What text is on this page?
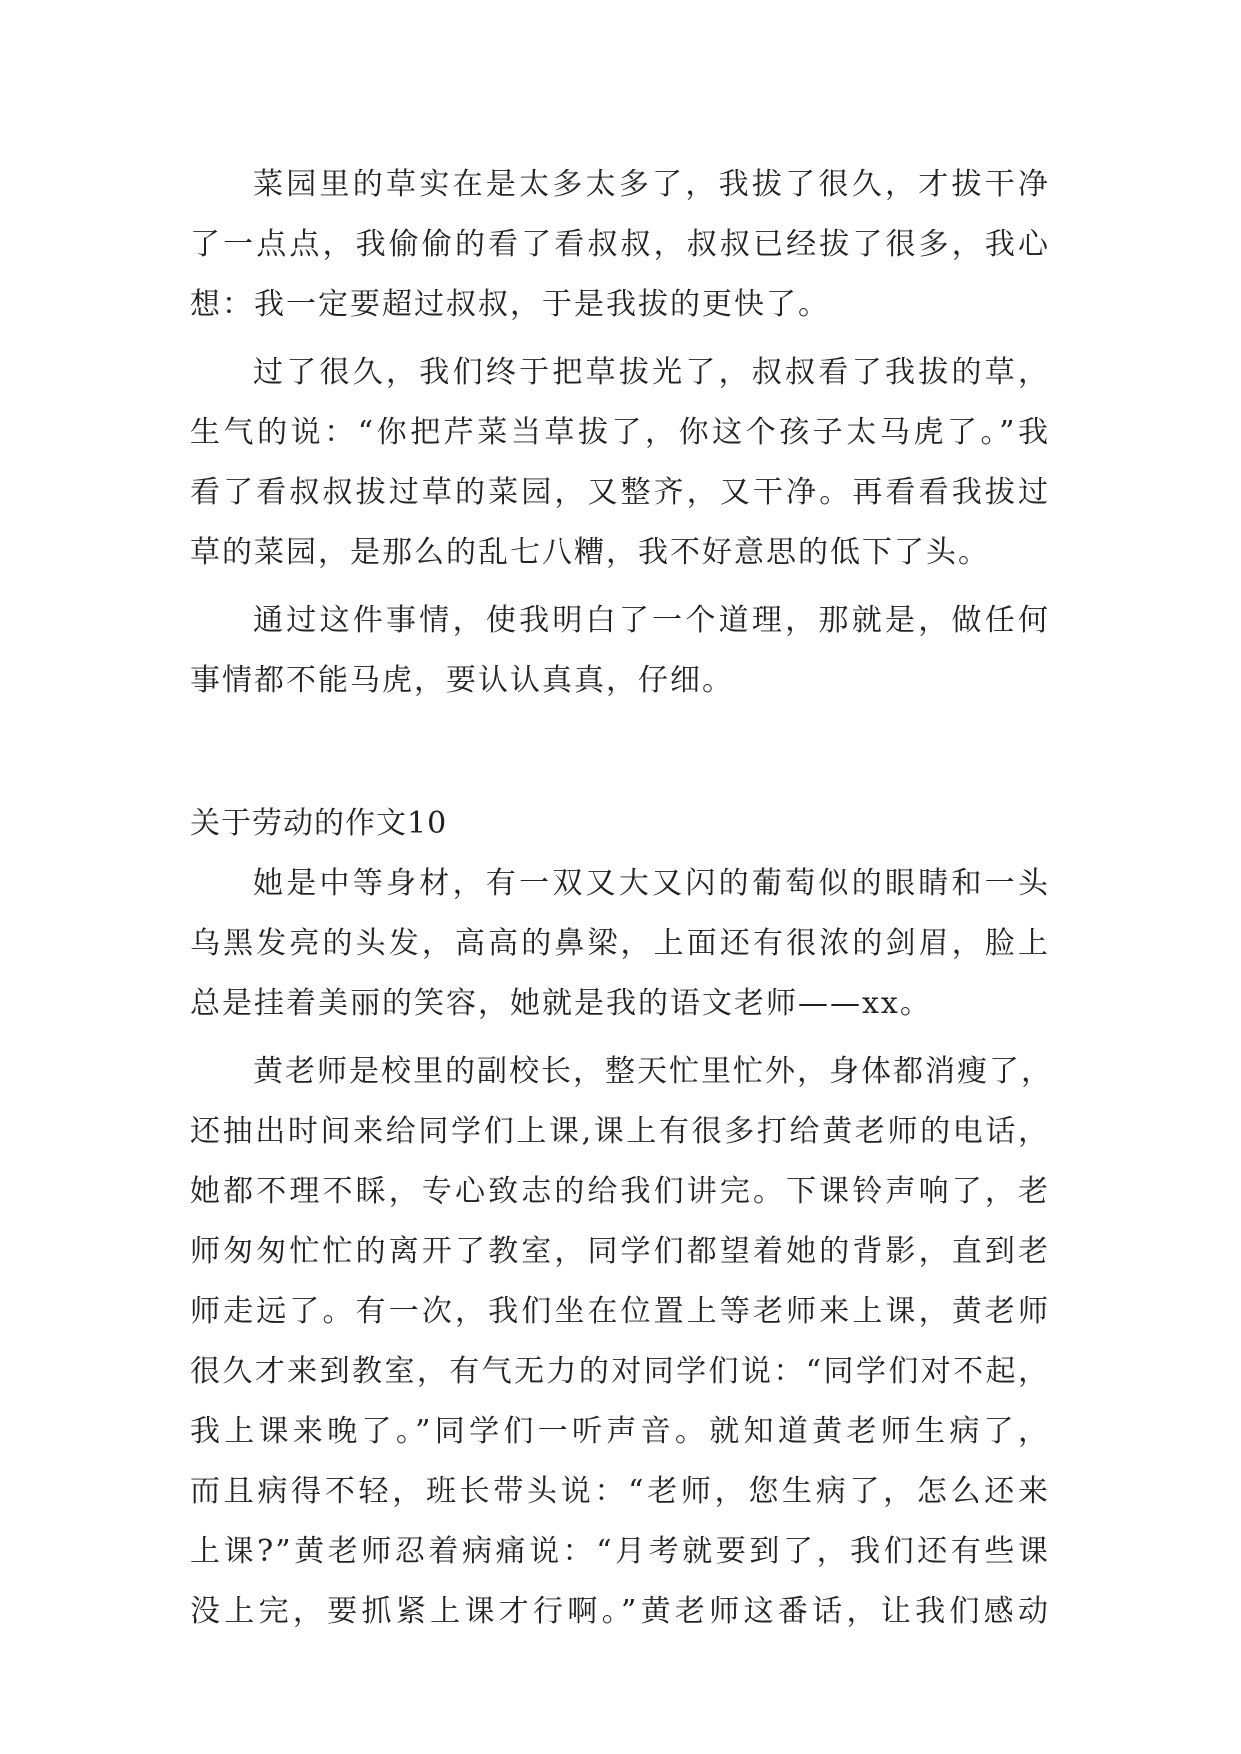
菜园里的草实在是太多太多了，我拔了很久，才拔干净
了一点点，我偷偷的看了看叔叔，叔叔已经拔了很多，我心
想：我一定要超过叔叔，于是我拔的更快了。
过了很久，我们终于把草拔光了，叔叔看了我拔的草，
生气的说：“你把芹菜当草拔了，你这个孩子太马虎了。”我
看了看叔叔拔过草的菜园，又整齐，又干净。再看看我拔过
草的菜园，是那么的乱七八糟，我不好意思的低下了头。
通过这件事情，使我明白了一个道理，那就是，做任何
事情都不能马虎，要认认真真，仔细。
关于劳动的作文10
她是中等身材，有一双又大又闪的葡萄似的眼睛和一头
乌黑发亮的头发，高高的鼻梁，上面还有很浓的剑眉，脸上
总是挂着美丽的笑容，她就是我的语文老师——xx。
黄老师是校里的副校长，整天忙里忙外，身体都消瘦了，
还抽出时间来给同学们上课,课上有很多打给黄老师的电话，
她都不理不睬，专心致志的给我们讲完。下课铃声响了，老
师匆匆忙忙的离开了教室，同学们都望着她的背影，直到老
师走远了。有一次，我们坐在位置上等老师来上课，黄老师
很久才来到教室，有气无力的对同学们说：“同学们对不起，
我上课来晚了。”同学们一听声音。就知道黄老师生病了，
而且病得不轻，班长带头说：“老师，您生病了，怎么还来
上课?”黄老师忍着病痛说：“月考就要到了，我们还有些课
没上完，要抓紧上课才行啊。”黄老师这番话，让我们感动
